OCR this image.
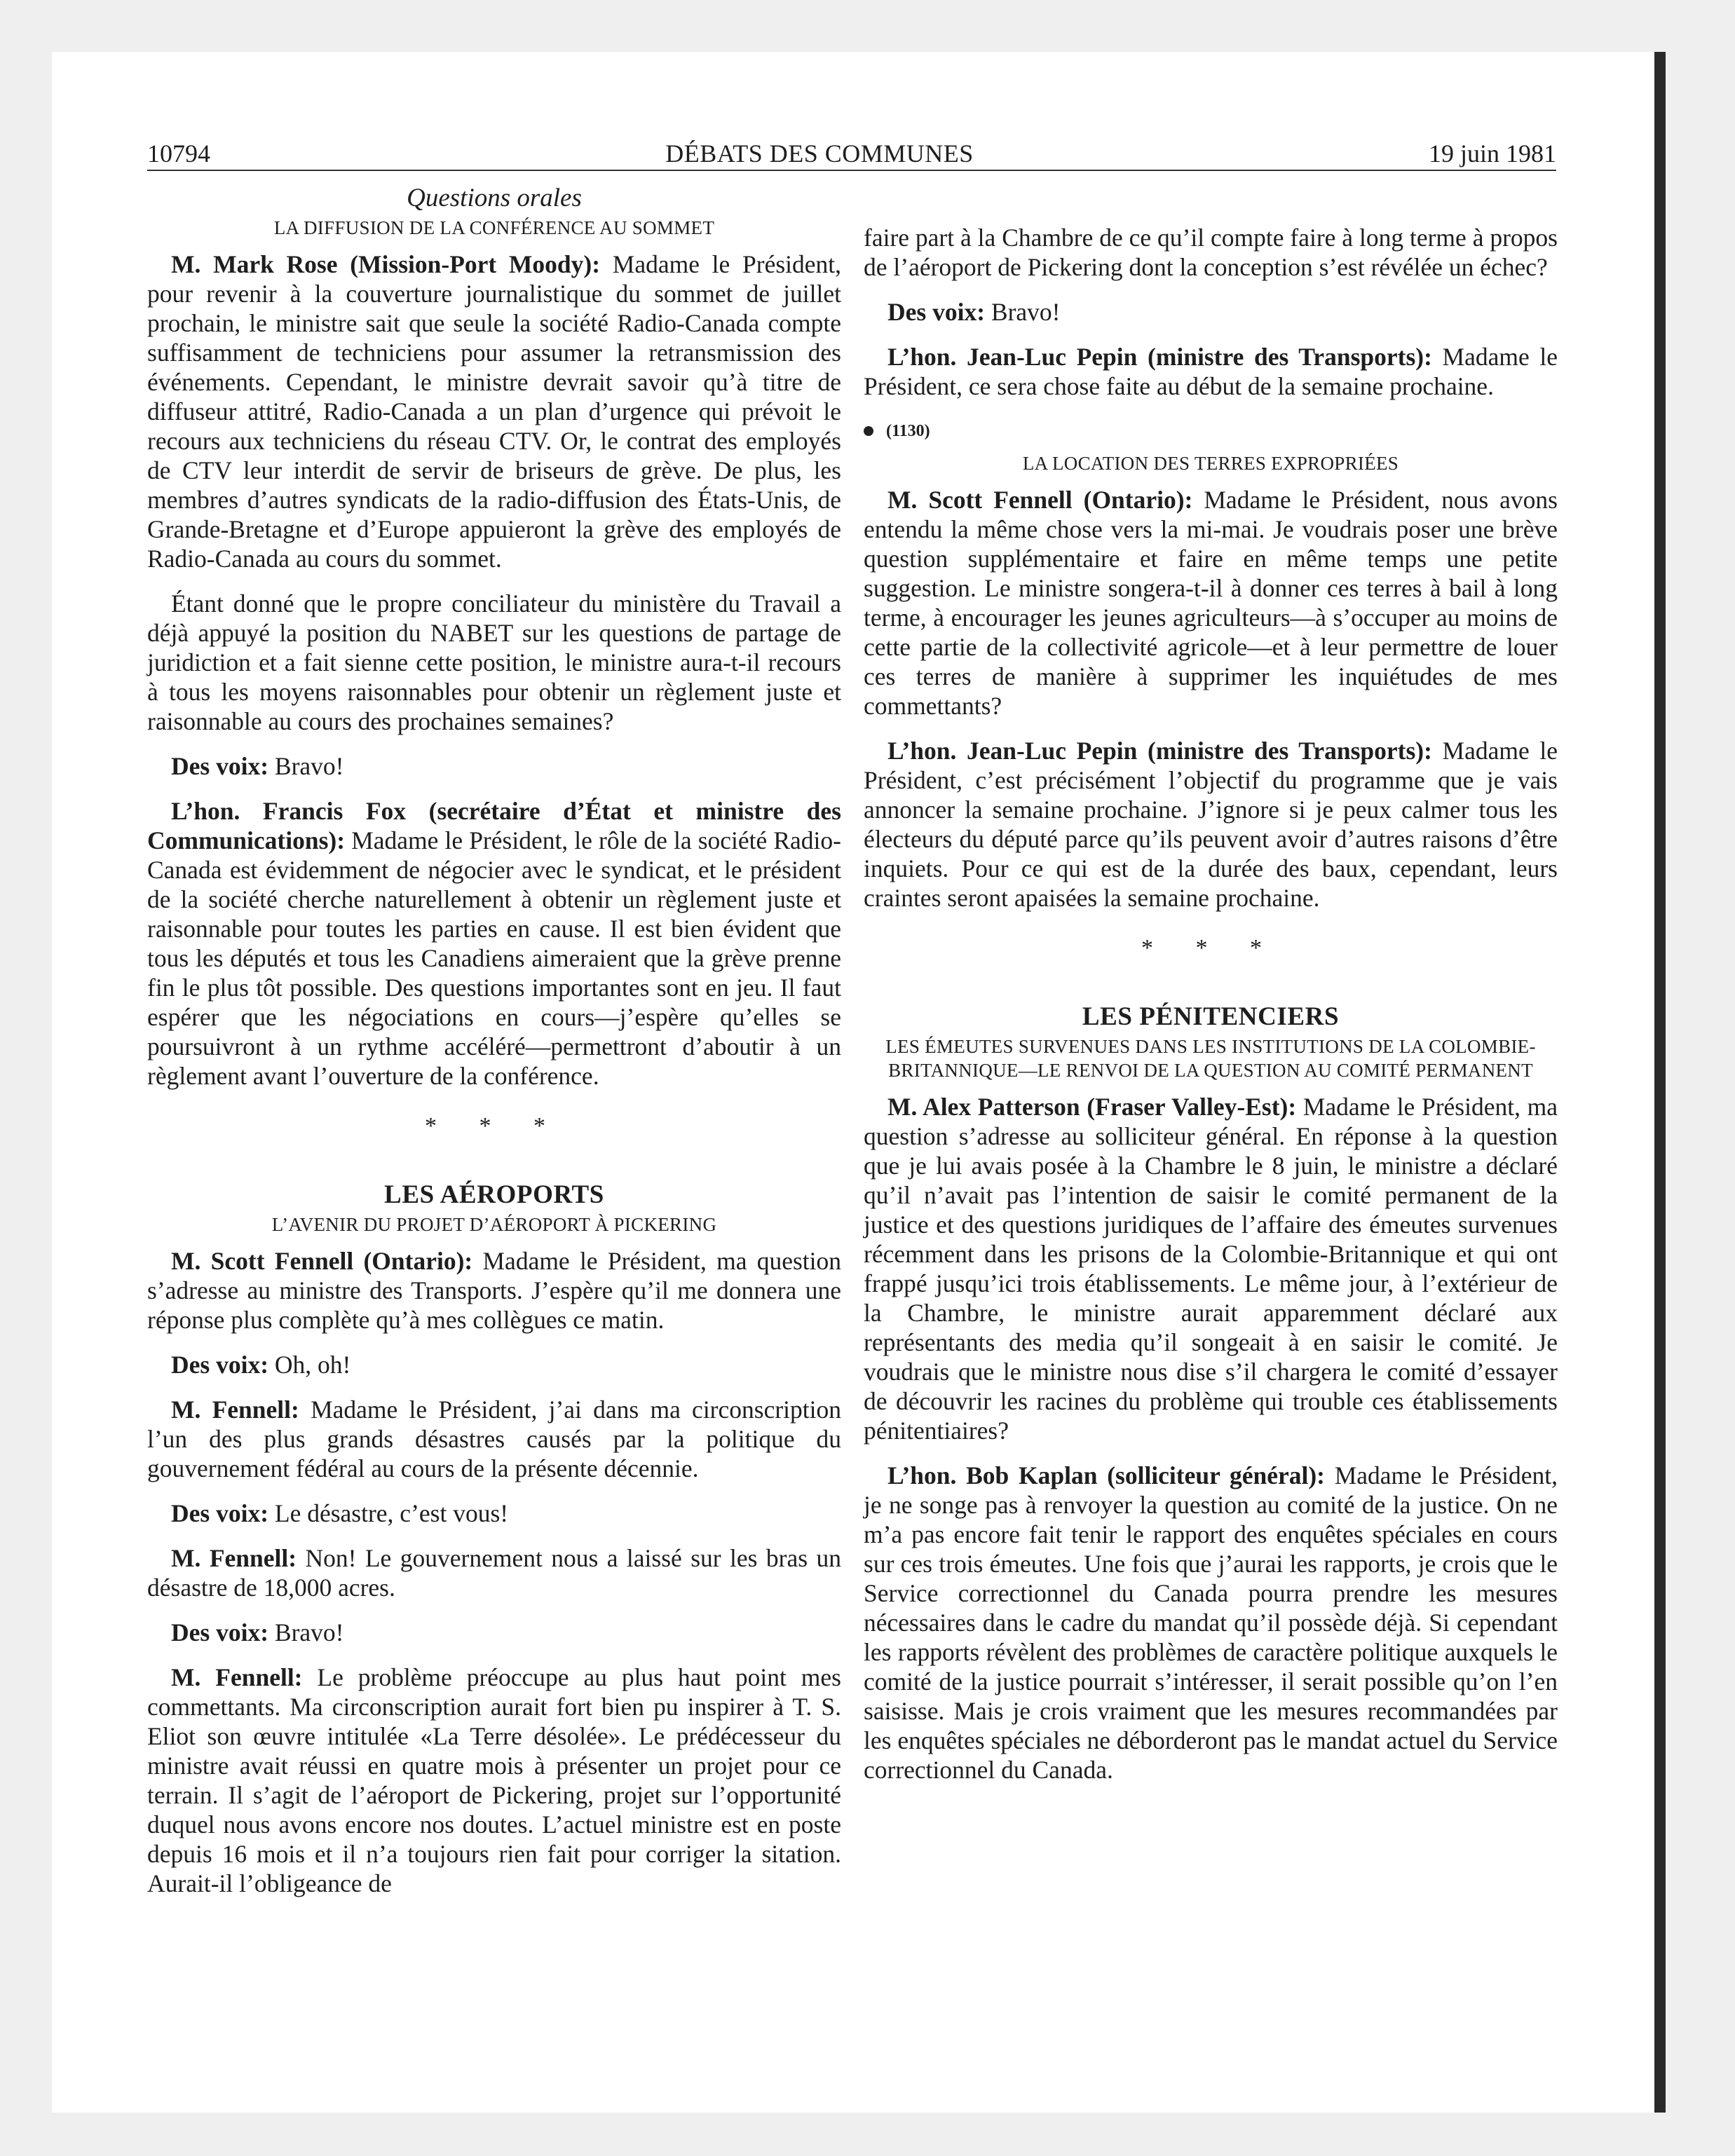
10794	DÉBATS DES COMMUNES	19 juin 1981
Questions orales
LA DIFFUSION DE LA CONFÉRENCE AU SOMMET

M. Mark Rose (Mission-Port Moody): Madame le Président, pour revenir à la couverture journalistique du sommet de juillet prochain, le ministre sait que seule la société Radio-Canada compte suffisamment de techniciens pour assumer la retransmission des événements. Cependant, le ministre devrait savoir qu’à titre de diffuseur attitré, Radio-Canada a un plan d’urgence qui prévoit le recours aux techniciens du réseau CTV. Or, le contrat des employés de CTV leur interdit de servir de briseurs de grève. De plus, les membres d’autres syndicats de la radio-diffusion des États-Unis, de Grande-Bretagne et d’Europe appuieront la grève des employés de Radio-Canada au cours du sommet.

Étant donné que le propre conciliateur du ministère du Travail a déjà appuyé la position du NABET sur les questions de partage de juridiction et a fait sienne cette position, le ministre aura-t-il recours à tous les moyens raisonnables pour obtenir un règlement juste et raisonnable au cours des prochaines semaines?

Des voix: Bravo!

L’hon. Francis Fox (secrétaire d’État et ministre des Communications): Madame le Président, le rôle de la société Radio-Canada est évidemment de négocier avec le syndicat, et le président de la société cherche naturellement à obtenir un règlement juste et raisonnable pour toutes les parties en cause. Il est bien évident que tous les députés et tous les Canadiens aimeraient que la grève prenne fin le plus tôt possible. Des questions importantes sont en jeu. Il faut espérer que les négociations en cours—j’espère qu’elles se poursuivront à un rythme accéléré—permettront d’aboutir à un règlement avant l’ouverture de la conférence.

* * *
LES AÉROPORTS
L’AVENIR DU PROJET D’AÉROPORT À PICKERING

M. Scott Fennell (Ontario): Madame le Président, ma question s’adresse au ministre des Transports. J’espère qu’il me donnera une réponse plus complète qu’à mes collègues ce matin.

Des voix: Oh, oh!

M. Fennell: Madame le Président, j’ai dans ma circonscription l’un des plus grands désastres causés par la politique du gouvernement fédéral au cours de la présente décennie.

Des voix: Le désastre, c’est vous!

M. Fennell: Non! Le gouvernement nous a laissé sur les bras un désastre de 18,000 acres.

Des voix: Bravo!

M. Fennell: Le problème préoccupe au plus haut point mes commettants. Ma circonscription aurait fort bien pu inspirer à T. S. Eliot son œuvre intitulée «La Terre désolée». Le prédécesseur du ministre avait réussi en quatre mois à présenter un projet pour ce terrain. Il s’agit de l’aéroport de Pickering, projet sur l’opportunité duquel nous avons encore nos doutes. L’actuel ministre est en poste depuis 16 mois et il n’a toujours rien fait pour corriger la sitation. Aurait-il l’obligeance de

faire part à la Chambre de ce qu’il compte faire à long terme à propos de l’aéroport de Pickering dont la conception s’est révélée un échec?

Des voix: Bravo!

L’hon. Jean-Luc Pepin (ministre des Transports): Madame le Président, ce sera chose faite au début de la semaine prochaine.

(1130)
LA LOCATION DES TERRES EXPROPRIÉES

M. Scott Fennell (Ontario): Madame le Président, nous avons entendu la même chose vers la mi-mai. Je voudrais poser une brève question supplémentaire et faire en même temps une petite suggestion. Le ministre songera-t-il à donner ces terres à bail à long terme, à encourager les jeunes agriculteurs—à s’occuper au moins de cette partie de la collectivité agricole—et à leur permettre de louer ces terres de manière à supprimer les inquiétudes de mes commettants?

L’hon. Jean-Luc Pepin (ministre des Transports): Madame le Président, c’est précisément l’objectif du programme que je vais annoncer la semaine prochaine. J’ignore si je peux calmer tous les électeurs du député parce qu’ils peuvent avoir d’autres raisons d’être inquiets. Pour ce qui est de la durée des baux, cependant, leurs craintes seront apaisées la semaine prochaine.

* * *
LES PÉNITENCIERS
LES ÉMEUTES SURVENUES DANS LES INSTITUTIONS DE LA COLOMBIE-BRITANNIQUE—LE RENVOI DE LA QUESTION AU COMITÉ PERMANENT

M. Alex Patterson (Fraser Valley-Est): Madame le Président, ma question s’adresse au solliciteur général. En réponse à la question que je lui avais posée à la Chambre le 8 juin, le ministre a déclaré qu’il n’avait pas l’intention de saisir le comité permanent de la justice et des questions juridiques de l’affaire des émeutes survenues récemment dans les prisons de la Colombie-Britannique et qui ont frappé jusqu’ici trois établissements. Le même jour, à l’extérieur de la Chambre, le ministre aurait apparemment déclaré aux représentants des media qu’il songeait à en saisir le comité. Je voudrais que le ministre nous dise s’il chargera le comité d’essayer de découvrir les racines du problème qui trouble ces établissements pénitentiaires?

L’hon. Bob Kaplan (solliciteur général): Madame le Président, je ne songe pas à renvoyer la question au comité de la justice. On ne m’a pas encore fait tenir le rapport des enquêtes spéciales en cours sur ces trois émeutes. Une fois que j’aurai les rapports, je crois que le Service correctionnel du Canada pourra prendre les mesures nécessaires dans le cadre du mandat qu’il possède déjà. Si cependant les rapports révèlent des problèmes de caractère politique auxquels le comité de la justice pourrait s’intéresser, il serait possible qu’on l’en saisisse. Mais je crois vraiment que les mesures recommandées par les enquêtes spéciales ne déborderont pas le mandat actuel du Service correctionnel du Canada.
